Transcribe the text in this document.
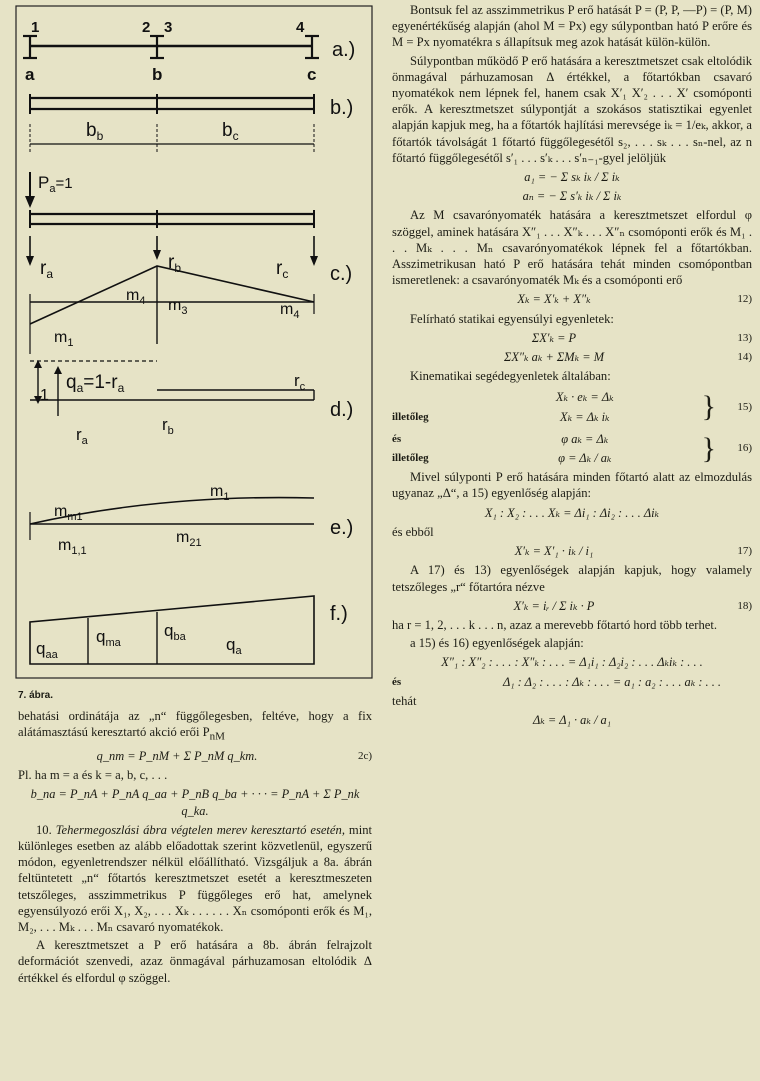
1	2 3	4
a	b	c
a.)
b.)
$b_b$	$b_c$
$P_a=1$
$r_a$
$r_b$	$r_c$ c.)
$m_4$ $m_3$	$m_4$
$m_1$
1
$q_a=1-r_a$
$r_a$
$r_c$
$r_b$
d.)
$m_{m1}$
$m_1$
$m_{1,1}$
$m_{21}$
e.)
$q_{aa}$
$q_{ma}$
$q_{ba}$ $q_a$
f.)
7. ábra.

behatási ordinátája az „n“ függőlegesben, feltéve, hogy a fix alátámasztású keresztartó akció erői $P_{nM}$

q_nm = P_nM + Σ P_nM q_km.	2c)

Pl. ha m = a és k = a, b, c, . . .

b_na = P_nA + P_nA q_aa + P_nB q_ba + · · · = P_nA + Σ P_nk q_ka.

10. Tehermegoszlási ábra végtelen merev keresztartó esetén, mint különleges esetben az alább előadottak szerint közvetlenül, egyszerű módon, egyenletrendszer nélkül előállítható. Vizsgáljuk a 8a. ábrán feltüntetett „n“ főtartós keresztmetszet esetét a keresztmeszeten tetszőleges, asszimmetrikus P függőleges erő hat, amelynek egyensúlyozó erői X₁, X₂, . . . Xₖ . . . . . . Xₙ csomóponti erők és M₁, M₂, . . . Mₖ . . . Mₙ csavaró nyomatékok.

A keresztmetszet a P erő hatására a 8b. ábrán felrajzolt deformációt szenvedi, azaz önmagával párhuzamosan eltolódik Δ értékkel és elfordul φ szöggel.

Bontsuk fel az asszimmetrikus P erő hatását P = (P, P, —P) = (P, M) egyenértékűség alapján (ahol M = Px) egy súlypontban ható P erőre és M = Px nyomatékra s állapítsuk meg azok hatását külön-külön.

Súlypontban működő P erő hatására a keresztmetszet csak eltolódik önmagával párhuzamosan Δ értékkel, a főtartókban csavaró nyomatékok nem lépnek fel, hanem csak X′₁ X′₂ . . . X′ csomóponti erők. A keresztmetszet súlypontját a szokásos statisztikai egyenlet alapján kapjuk meg, ha a főtartók hajlítási merevsége iₖ = 1/eₖ, akkor, a főtartók távolságát 1 főtartó függőlegesétől s₂, . . . sₖ . . . sₙ-nel, az n főtartó függőlegesétől s′₁ . . . s′ₖ . . . s′ₙ₋₁-gyel jelöljük

a₁ = − Σ sₖ iₖ / Σ iₖ
aₙ = − Σ s′ₖ iₖ / Σ iₖ

Az M csavarónyomaték hatására a keresztmetszet elfordul φ szöggel, aminek hatására X″₁ . . . X″ₖ . . . X″ₙ csomóponti erők és M₁ . . . Mₖ . . . Mₙ csavarónyomatékok lépnek fel a főtartókban. Asszimetrikusan ható P erő hatására tehát minden csomópontban ismeretlenek: a csavarónyomaték Mₖ és a csomóponti erő

Xₖ = X′ₖ + X″ₖ	12)

Felírható statikai egyensúlyi egyenletek:

ΣX′ₖ = P	13)
ΣX″ₖ aₖ + ΣMₖ = M	14)

Kinematikai segédegyenletek általában:

Xₖ · eₖ = Δₖ
illetőleg	Xₖ = Δₖ iₖ	}	15)
és	φ aₖ = Δₖ
illetőleg	φ = Δₖ / aₖ	}	16)

Mivel súlyponti P erő hatására minden főtartó alatt az elmozdulás ugyanaz „Δ“, a 15) egyenlőség alapján:

X₁ : X₂ : . . . Xₖ = Δi₁ : Δi₂ : . . . Δiₖ

és ebből

X′ₖ = X′₁ · iₖ / i₁	17)

A 17) és 13) egyenlőségek alapján kapjuk, hogy valamely tetszőleges „r“ főtartóra nézve

X′ₖ = iᵣ / Σ iₖ · P	18)

ha r = 1, 2, . . . k . . . n, azaz a merevebb főtartó hord több terhet.

a 15) és 16) egyenlőségek alapján:

X″₁ : X″₂ : . . . : X″ₖ : . . . = Δ₁i₁ : Δ₂i₂ : . . . Δₖiₖ : . . .
és	Δ₁ : Δ₂ : . . . : Δₖ : . . . = a₁ : a₂ : . . . aₖ : . . .

tehát

Δₖ = Δ₁ · aₖ / a₁
